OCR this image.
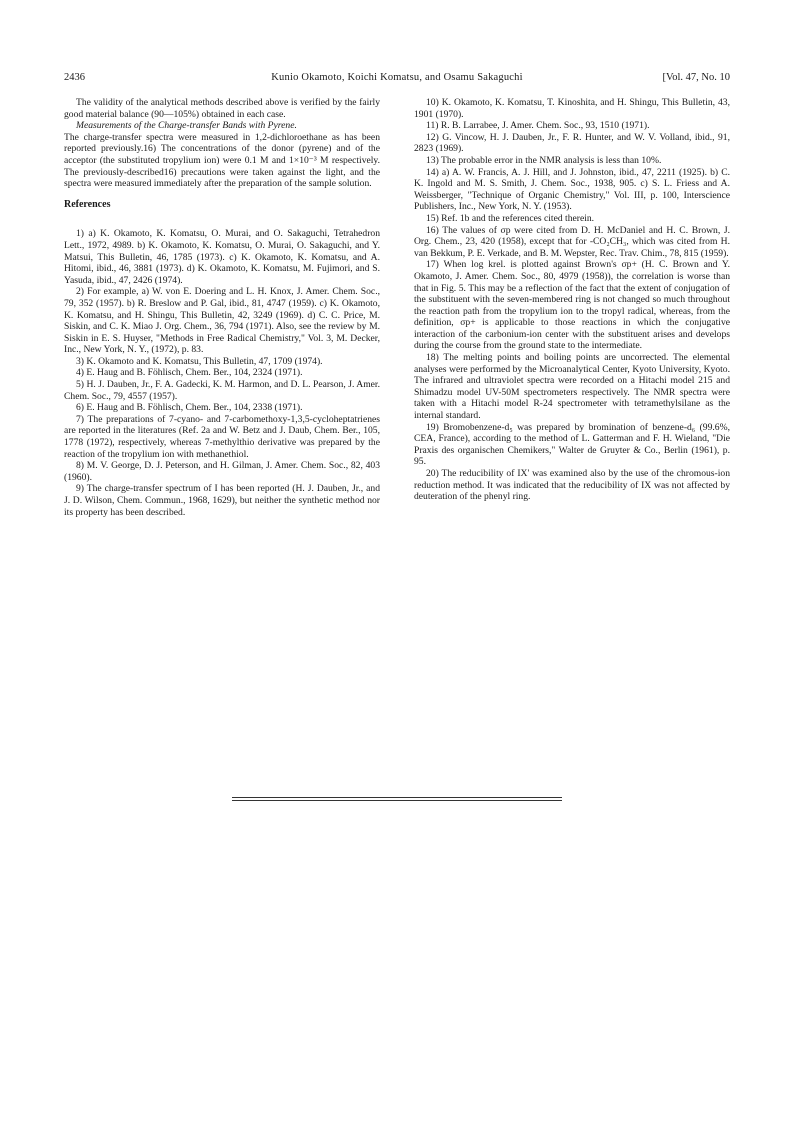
2436	Kunio Okamoto, Koichi Komatsu, and Osamu Sakaguchi	[Vol. 47, No. 10

The validity of the analytical methods described above is verified by the fairly good material balance (90—105%) obtained in each case.

Measurements of the Charge-transfer Bands with Pyrene.

The charge-transfer spectra were measured in 1,2-dichloroethane as has been reported previously.16) The concentrations of the donor (pyrene) and of the acceptor (the substituted tropylium ion) were 0.1 M and 1×10⁻³ M respectively. The previously-described16) precautions were taken against the light, and the spectra were measured immediately after the preparation of the sample solution.

References

1) a) K. Okamoto, K. Komatsu, O. Murai, and O. Sakaguchi, Tetrahedron Lett., 1972, 4989. b) K. Okamoto, K. Komatsu, O. Murai, O. Sakaguchi, and Y. Matsui, This Bulletin, 46, 1785 (1973). c) K. Okamoto, K. Komatsu, and A. Hitomi, ibid., 46, 3881 (1973). d) K. Okamoto, K. Komatsu, M. Fujimori, and S. Yasuda, ibid., 47, 2426 (1974).

2) For example, a) W. von E. Doering and L. H. Knox, J. Amer. Chem. Soc., 79, 352 (1957). b) R. Breslow and P. Gal, ibid., 81, 4747 (1959). c) K. Okamoto, K. Komatsu, and H. Shingu, This Bulletin, 42, 3249 (1969). d) C. C. Price, M. Siskin, and C. K. Miao J. Org. Chem., 36, 794 (1971). Also, see the review by M. Siskin in E. S. Huyser, "Methods in Free Radical Chemistry," Vol. 3, M. Decker, Inc., New York, N. Y., (1972), p. 83.

3) K. Okamoto and K. Komatsu, This Bulletin, 47, 1709 (1974).

4) E. Haug and B. Föhlisch, Chem. Ber., 104, 2324 (1971).

5) H. J. Dauben, Jr., F. A. Gadecki, K. M. Harmon, and D. L. Pearson, J. Amer. Chem. Soc., 79, 4557 (1957).

6) E. Haug and B. Föhlisch, Chem. Ber., 104, 2338 (1971).

7) The preparations of 7-cyano- and 7-carbomethoxy-1,3,5-cycloheptatrienes are reported in the literatures (Ref. 2a and W. Betz and J. Daub, Chem. Ber., 105, 1778 (1972), respectively, whereas 7-methylthio derivative was prepared by the reaction of the tropylium ion with methanethiol.

8) M. V. George, D. J. Peterson, and H. Gilman, J. Amer. Chem. Soc., 82, 403 (1960).

9) The charge-transfer spectrum of I has been reported (H. J. Dauben, Jr., and J. D. Wilson, Chem. Commun., 1968, 1629), but neither the synthetic method nor its property has been described.

10) K. Okamoto, K. Komatsu, T. Kinoshita, and H. Shingu, This Bulletin, 43, 1901 (1970).

11) R. B. Larrabee, J. Amer. Chem. Soc., 93, 1510 (1971).

12) G. Vincow, H. J. Dauben, Jr., F. R. Hunter, and W. V. Volland, ibid., 91, 2823 (1969).

13) The probable error in the NMR analysis is less than 10%.

14) a) A. W. Francis, A. J. Hill, and J. Johnston, ibid., 47, 2211 (1925). b) C. K. Ingold and M. S. Smith, J. Chem. Soc., 1938, 905. c) S. L. Friess and A. Weissberger, "Technique of Organic Chemistry," Vol. III, p. 100, Interscience Publishers, Inc., New York, N. Y. (1953).

15) Ref. 1b and the references cited therein.

16) The values of σp were cited from D. H. McDaniel and H. C. Brown, J. Org. Chem., 23, 420 (1958), except that for -CO₂CH₃, which was cited from H. van Bekkum, P. E. Verkade, and B. M. Wepster, Rec. Trav. Chim., 78, 815 (1959).

17) When log krel. is plotted against Brown's σp+ (H. C. Brown and Y. Okamoto, J. Amer. Chem. Soc., 80, 4979 (1958)), the correlation is worse than that in Fig. 5. This may be a reflection of the fact that the extent of conjugation of the substituent with the seven-membered ring is not changed so much throughout the reaction path from the tropylium ion to the tropyl radical, whereas, from the definition, σp+ is applicable to those reactions in which the conjugative interaction of the carbonium-ion center with the substituent arises and develops during the course from the ground state to the intermediate.

18) The melting points and boiling points are uncorrected. The elemental analyses were performed by the Microanalytical Center, Kyoto University, Kyoto. The infrared and ultraviolet spectra were recorded on a Hitachi model 215 and Shimadzu model UV-50M spectrometers respectively. The NMR spectra were taken with a Hitachi model R-24 spectrometer with tetramethylsilane as the internal standard.

19) Bromobenzene-d₅ was prepared by bromination of benzene-d₆ (99.6%, CEA, France), according to the method of L. Gatterman and F. H. Wieland, "Die Praxis des organischen Chemikers," Walter de Gruyter & Co., Berlin (1961), p. 95.

20) The reducibility of IX' was examined also by the use of the chromous-ion reduction method. It was indicated that the reducibility of IX was not affected by deuteration of the phenyl ring.
